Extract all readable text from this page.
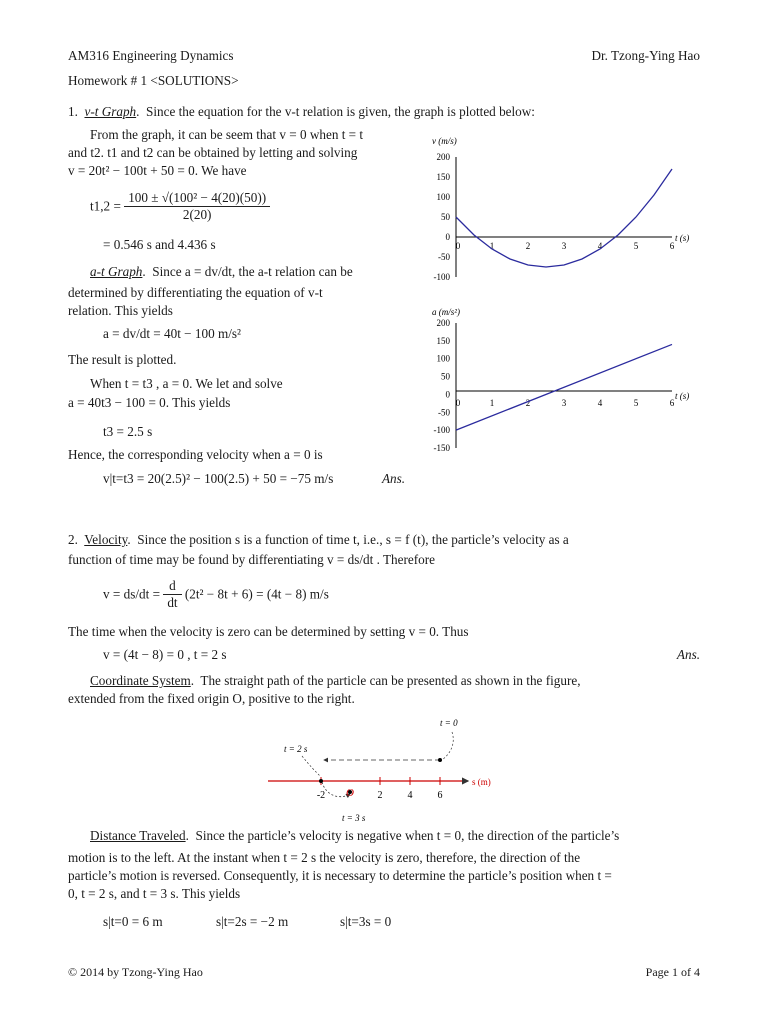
AM316 Engineering Dynamics	Dr. Tzong-Ying Hao
Homework # 1 <SOLUTIONS>
1. v-t Graph.  Since the equation for the v-t relation is given, the graph is plotted below:
From the graph, it can be seem that v = 0 when t = t
and t2. t1 and t2 can be obtained by letting and solving
v = 20t² − 100t + 50 = 0. We have
$t1,2 = \frac{\text{100 ± √(100² − 4(20)(50))}}{2(20)}$
= 0.546 s and 4.436 s
a-t Graph.  Since a = dv/dt, the a-t relation can be
determined by differentiating the equation of v-t
relation. This yields
a = dv/dt = 40t − 100 m/s²
The result is plotted.
When t = t3 , a = 0. We let and solve
a = 40t3 − 100 = 0. This yields
t3 = 2.5 s
Hence, the corresponding velocity when a = 0 is
v|t=t3 = 20(2.5)² − 100(2.5) + 50 = −75 m/s	Ans.
v (m/s)
200
150
100
50
0
-50
-100
0	1	2	3	4	5	6
t (s)
a (m/s²)
200
150
100
50
0
-50
-100
-150
0	1	2	3	4	5	6
t (s)
2. Velocity.  Since the position s is a function of time t, i.e., s = f (t), the particle’s velocity as a
function of time may be found by differentiating v = ds/dt . Therefore
$v = ds/dt = \frac{d}{dt} (2t^2 - 8t + 6) = (4t - 8)$ m/s
The time when the velocity is zero can be determined by setting v = 0. Thus
v = (4t − 8) = 0 , t = 2 s	Ans.
Coordinate System.  The straight path of the particle can be presented as shown in the figure,
extended from the fixed origin O, positive to the right.
t = 0
t = 2 s
t = 3 s
-2	2	4	6
O
s (m)
Distance Traveled.  Since the particle’s velocity is negative when t = 0, the direction of the particle’s
motion is to the left. At the instant when t = 2 s the velocity is zero, therefore, the direction of the
particle’s motion is reversed. Consequently, it is necessary to determine the particle’s position when t =
0, t = 2 s, and t = 3 s. This yields
s|t=0 = 6 m	s|t=2s = −2 m	s|t=3s = 0
© 2014 by Tzong-Ying Hao	Page 1 of 4
